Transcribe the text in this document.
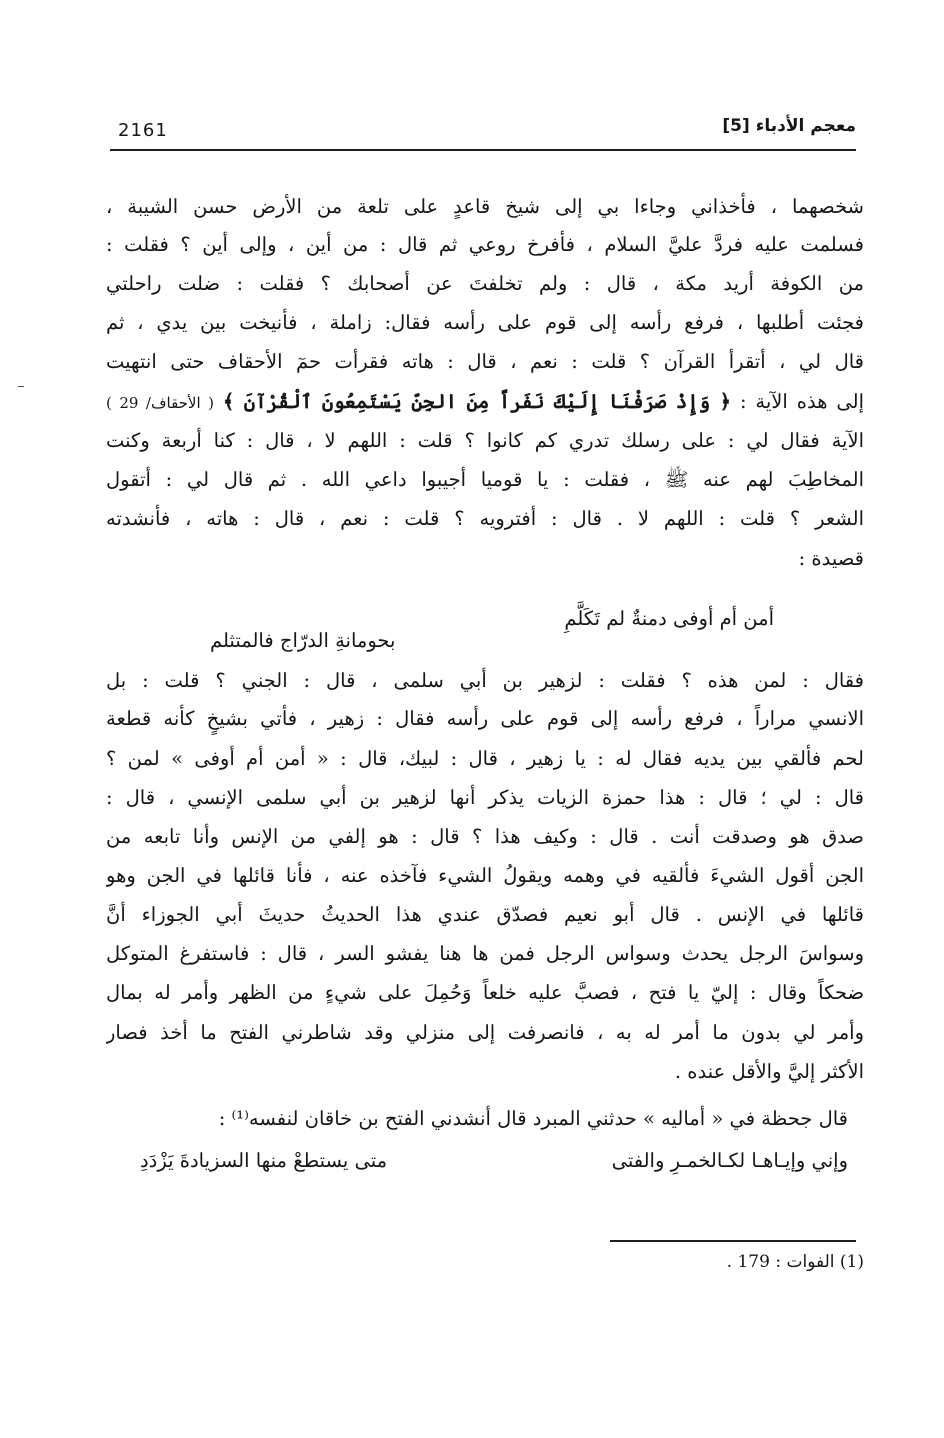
2161	معجم الأدباء [5]
شخصهما ، فأخذاني وجاءا بي إلى شيخ قاعدٍ على تلعة من الأرض حسن الشيبة ،
فسلمت عليه فردَّ عليَّ السلام ، فأفرخ روعي ثم قال : من أين ، وإلى أين ؟ فقلت :
من الكوفة أريد مكة ، قال : ولم تخلفتَ عن أصحابك ؟ فقلت : ضلت راحلتي
فجئت أطلبها ، فرفع رأسه إلى قوم على رأسه فقال: زاملة ، فأنيخت بين يدي ، ثم
قال لي ، أتقرأ القرآن ؟ قلت : نعم ، قال : هاته فقرأت حمٓ الأحقاف حتى انتهيت
إلى هذه الآية : ﴿ وَإِذْ صَرَفْنَا إِلَيْكَ نَفَراً مِنَ الجِنِّ يَسْتَمِعُونَ ٱلْقُرْآنَ ﴾ ( الأحقاف/ 29 )
الآية فقال لي : على رسلك تدري كم كانوا ؟ قلت : اللهم لا ، قال : كنا أربعة وكنت
المخاطِبَ لهم عنه ﷺ ، فقلت : يا قوميا أجيبوا داعي الله . ثم قال لي : أتقول
الشعر ؟ قلت : اللهم لا . قال : أفترويه ؟ قلت : نعم ، قال : هاته ، فأنشدته
قصيدة :
أمن أم أوفى دمنةٌ لم تَكَلَّمِ
بحومانةِ الدرّاج فالمتثلم
فقال : لمن هذه ؟ فقلت : لزهير بن أبي سلمى ، قال : الجني ؟ قلت : بل
الانسي مراراً ، فرفع رأسه إلى قوم على رأسه فقال : زهير ، فأتي بشيخٍ كأنه قطعة
لحم فألقي بين يديه فقال له : يا زهير ، قال : لبيك، قال : « أمن أم أوفى » لمن ؟
قال : لي ؛ قال : هذا حمزة الزيات يذكر أنها لزهير بن أبي سلمى الإنسي ، قال :
صدق هو وصدقت أنت . قال : وكيف هذا ؟ قال : هو إلفي من الإنس وأنا تابعه من
الجن أقول الشيءَ فألقيه في وهمه ويقولُ الشيء فآخذه عنه ، فأنا قائلها في الجن وهو
قائلها في الإنس . قال أبو نعيم فصدّق عندي هذا الحديثُ حديثَ أبي الجوزاء أنَّ
وسواسَ الرجل يحدث وسواس الرجل فمن ها هنا يفشو السر ، قال : فاستفرغ المتوكل
ضحكاً وقال : إليّ يا فتح ، فصبَّ عليه خلعاً وَحُمِلَ على شيءٍ من الظهر وأمر له بمال
وأمر لي بدون ما أمر له به ، فانصرفت إلى منزلي وقد شاطرني الفتح ما أخذ فصار
الأكثر إليَّ والأقل عنده .
قال جحظة في « أماليه » حدثني المبرد قال أنشدني الفتح بن خاقان لنفسه⁽¹⁾ :
وإني وإيـاهـا لكـالخمـرِ والفتى
متى يستطعْ منها السزيادةَ يَزْدَدِ
(1) الفوات : 179 .
